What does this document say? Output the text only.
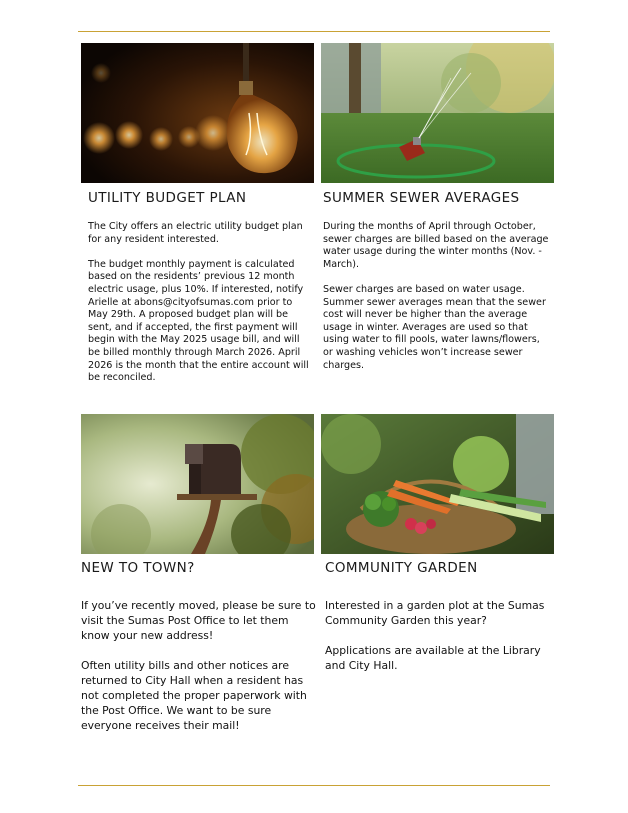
UTILITY BUDGET PLAN	SUMMER SEWER AVERAGES

The City offers an electric utility budget plan for any resident interested.

The budget monthly payment is calculated based on the residents’ previous 12 month electric usage, plus 10%. If interested, notify Arielle at abons@cityofsumas.com prior to May 29th. A proposed budget plan will be sent, and if accepted, the first payment will begin with the May 2025 usage bill, and will be billed monthly through March 2026. April 2026 is the month that the entire account will be reconciled.

During the months of April through October, sewer charges are billed based on the average water usage during the winter months (Nov. - March).

Sewer charges are based on water usage. Summer sewer averages mean that the sewer cost will never be higher than the average usage in winter. Averages are used so that using water to fill pools, water lawns/flowers, or washing vehicles won’t increase sewer charges.

NEW TO TOWN?	COMMUNITY GARDEN

If you’ve recently moved, please be sure to visit the Sumas Post Office to let them know your new address!

Often utility bills and other notices are returned to City Hall when a resident has not completed the proper paperwork with the Post Office. We want to be sure everyone receives their mail!

Interested in a garden plot at the Sumas Community Garden this year?

Applications are available at the Library and City Hall.
